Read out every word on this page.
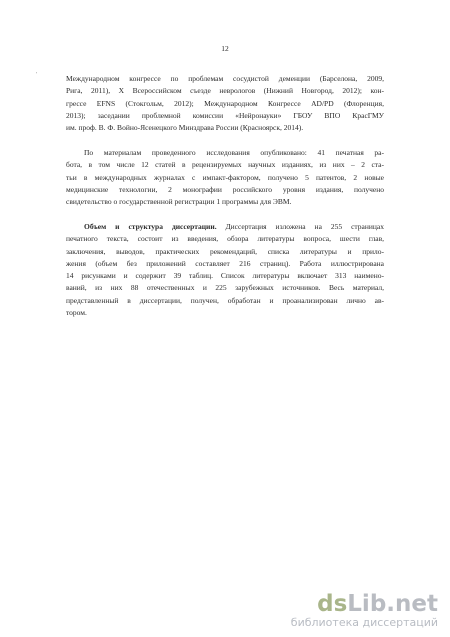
12
'	Международном конгрессе по проблемам сосудистой деменции (Барселона, 2009,
Рига, 2011), X Всероссийском съезде неврологов (Нижний Новгород, 2012); кон-
грессе EFNS (Стокгольм, 2012); Международном Конгрессе AD/PD (Флоренция,
2013); заседании проблемной комиссии «Нейронауки» ГБОУ ВПО КрасГМУ
им. проф. В. Ф. Войно-Ясенецкого Минздрава России (Красноярск, 2014).
По материалам проведенного исследования опубликовано: 41 печатная ра-
бота, в том числе 12 статей в рецензируемых научных изданиях, из них – 2 ста-
тьи в международных журналах с импакт-фактором, получено 5 патентов, 2 новые
медицинские технологии, 2 монографии российского уровня издания, получено
свидетельство о государственной регистрации 1 программы для ЭВМ.
Объем и структура диссертации. Диссертация изложена на 255 страницах
печатного текста, состоит из введения, обзора литературы вопроса, шести глав,
заключения, выводов, практических рекомендаций, списка литературы и прило-
жения (объем без приложений составляет 216 страниц). Работа иллюстрирована
14 рисунками и содержит 39 таблиц. Список литературы включает 313 наимено-
ваний, из них 88 отечественных и 225 зарубежных источников. Весь материал,
представленный в диссертации, получен, обработан и проанализирован лично ав-
тором.
dsLib.net
библиотека диссертаций
